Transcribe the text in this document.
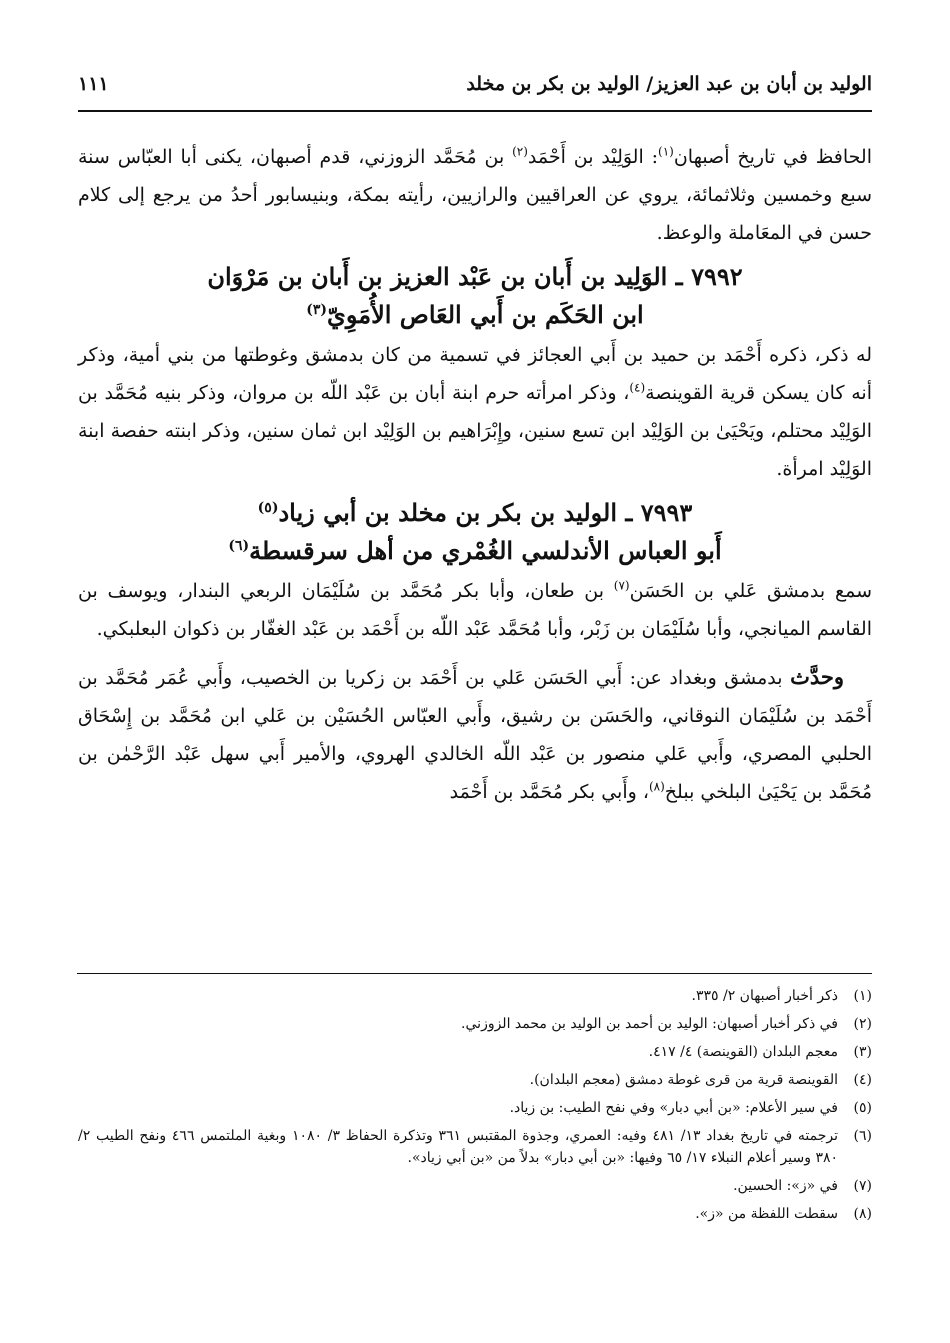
الوليد بن أبان بن عبد العزيز/ الوليد بن بكر بن مخلد
١١١

الحافظ في تاريخ أصبهان$^{(١)}$: الوَلِيْد بن أَحْمَد$^{(٢)}$ بن مُحَمَّد الزوزني، قدم أصبهان، يكنى أبا العبّاس سنة سبع وخمسين وثلاثمائة، يروي عن العراقيين والرازيين، رأيته بمكة، وبنيسابور أحدُ من يرجع إلى كلام حسن في المعَاملة والوعظ.

٧٩٩٢ ـ الوَلِيد بن أَبان بن عَبْد العزيز بن أَبان بن مَرْوَان
ابن الحَكَم بن أَبي العَاص الأُمَوِيّ$^{(٣)}$

له ذكر، ذكره أَحْمَد بن حميد بن أَبي العجائز في تسمية من كان بدمشق وغوطتها من بني أمية، وذكر أنه كان يسكن قرية القوينصة$^{(٤)}$، وذكر امرأته حرم ابنة أبان بن عَبْد اللّه بن مروان، وذكر بنيه مُحَمَّد بن الوَلِيْد محتلم، ويَحْيَىٰ بن الوَلِيْد ابن تسع سنين، وإِبْرَاهيم بن الوَلِيْد ابن ثمان سنين، وذكر ابنته حفصة ابنة الوَلِيْد امرأة.

٧٩٩٣ ـ الوليد بن بكر بن مخلد بن أبي زياد$^{(٥)}$
أَبو العباس الأندلسي الغُمْري من أهل سرقسطة$^{(٦)}$

سمع بدمشق عَلي بن الحَسَن$^{(٧)}$ بن طعان، وأبا بكر مُحَمَّد بن سُلَيْمَان الربعي البندار، ويوسف بن القاسم الميانجي، وأبا سُلَيْمَان بن زَبْر، وأبا مُحَمَّد عَبْد اللّه بن أَحْمَد بن عَبْد الغفّار بن ذكوان البعلبكي.

وحدَّث بدمشق وبغداد عن: أَبي الحَسَن عَلي بن أَحْمَد بن زكريا بن الخصيب، وأَبي عُمَر مُحَمَّد بن أَحْمَد بن سُلَيْمَان النوقاني، والحَسَن بن رشيق، وأَبي العبّاس الحُسَيْن بن عَلي ابن مُحَمَّد بن إِسْحَاق الحلبي المصري، وأَبي عَلي منصور بن عَبْد اللّه الخالدي الهروي، والأمير أَبي سهل عَبْد الرَّحْمٰن بن مُحَمَّد بن يَحْيَىٰ البلخي ببلخ$^{(٨)}$، وأَبي بكر مُحَمَّد بن أَحْمَد

(١)
ذكر أخبار أصبهان ٢/ ٣٣٥.
(٢)
في ذكر أخبار أصبهان: الوليد بن أحمد بن الوليد بن محمد الزوزني.
(٣)
معجم البلدان (القوينصة) ٤/ ٤١٧.
(٤)
القوينصة قرية من قرى غوطة دمشق (معجم البلدان).
(٥)
في سير الأعلام: «بن أبي دبار» وفي نفح الطيب: بن زياد.
(٦)
ترجمته في تاريخ بغداد ١٣/ ٤٨١ وفيه: العمري، وجذوة المقتبس ٣٦١ وتذكرة الحفاظ ٣/ ١٠٨٠ وبغية الملتمس ٤٦٦ ونفح الطيب ٢/ ٣٨٠ وسير أعلام النبلاء ١٧/ ٦٥ وفيها: «بن أبي دبار» بدلاً من «بن أبي زياد».
(٧)
في «ز»: الحسين.
(٨)
سقطت اللفظة من «ز».
